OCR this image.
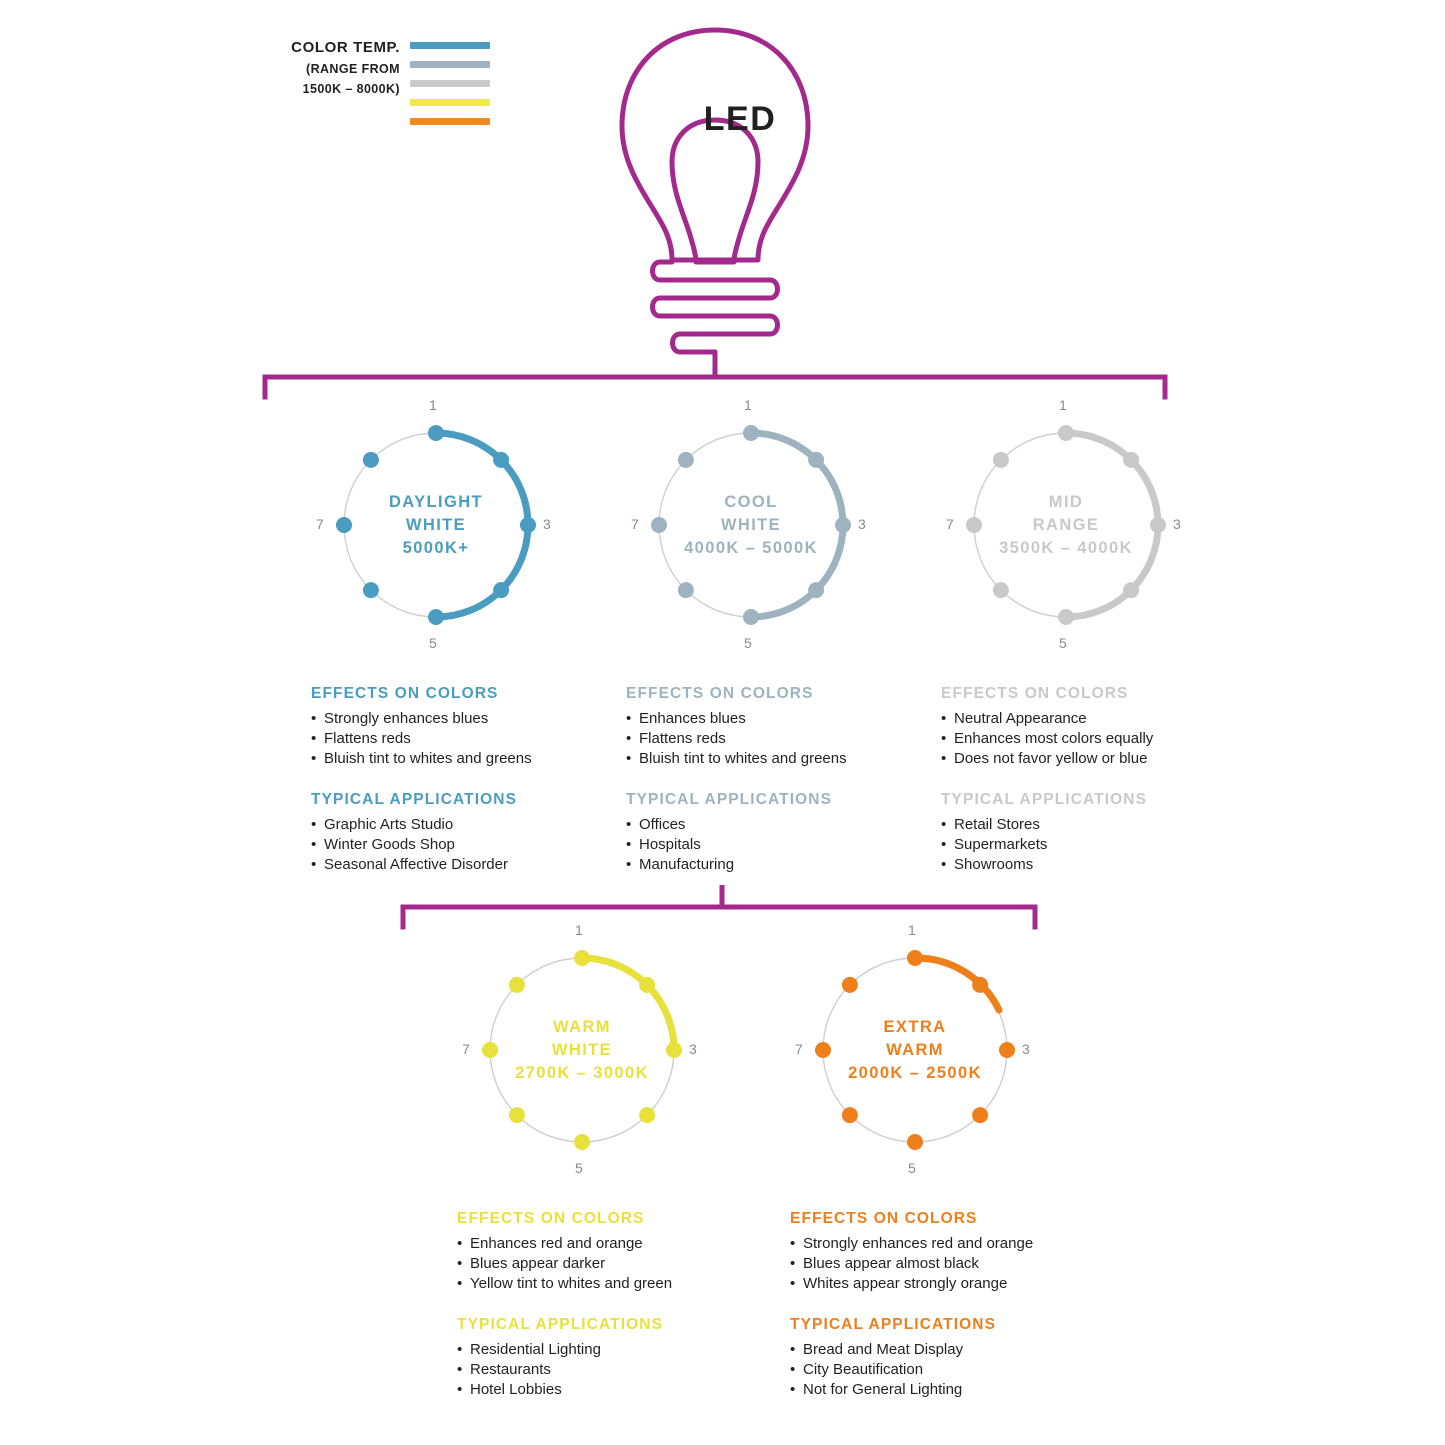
COLOR TEMP.
(RANGE FROM
1500K – 8000K)
LED
DAYLIGHT
WHITE
5000K+
1
3
5
7
EFFECTS ON COLORS
• Strongly enhances blues
• Flattens reds
• Bluish tint to whites and greens
TYPICAL APPLICATIONS
• Graphic Arts Studio
• Winter Goods Shop
• Seasonal Affective Disorder
COOL
WHITE
4000K – 5000K
1
3
5
7
EFFECTS ON COLORS
• Enhances blues
• Flattens reds
• Bluish tint to whites and greens
TYPICAL APPLICATIONS
• Offices
• Hospitals
• Manufacturing
MID
RANGE
3500K – 4000K
1
3
5
7
EFFECTS ON COLORS
• Neutral Appearance
• Enhances most colors equally
• Does not favor yellow or blue
TYPICAL APPLICATIONS
• Retail Stores
• Supermarkets
• Showrooms
WARM
WHITE
2700K – 3000K
1
3
5
7
EFFECTS ON COLORS
• Enhances red and orange
• Blues appear darker
• Yellow tint to whites and green
TYPICAL APPLICATIONS
• Residential Lighting
• Restaurants
• Hotel Lobbies
EXTRA
WARM
2000K – 2500K
1
3
5
7
EFFECTS ON COLORS
• Strongly enhances red and orange
• Blues appear almost black
• Whites appear strongly orange
TYPICAL APPLICATIONS
• Bread and Meat Display
• City Beautification
• Not for General Lighting
